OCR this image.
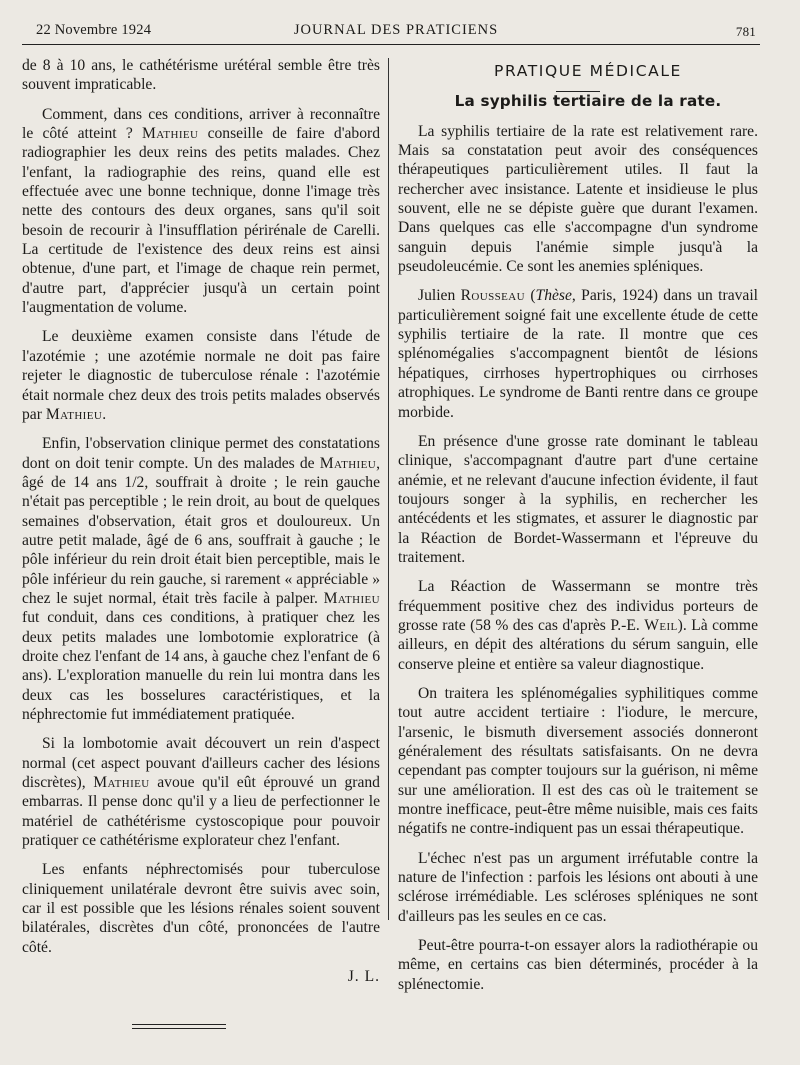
22 Novembre 1924	JOURNAL DES PRATICIENS	781

de 8 à 10 ans, le cathétérisme urétéral semble être très souvent impraticable.

Comment, dans ces conditions, arriver à reconnaître le côté atteint ? Mathieu conseille de faire d'abord radiographier les deux reins des petits malades. Chez l'enfant, la radiographie des reins, quand elle est effectuée avec une bonne technique, donne l'image très nette des contours des deux organes, sans qu'il soit besoin de recourir à l'insufflation périrénale de Carelli. La certitude de l'existence des deux reins est ainsi obtenue, d'une part, et l'image de chaque rein permet, d'autre part, d'apprécier jusqu'à un certain point l'augmentation de volume.

Le deuxième examen consiste dans l'étude de l'azotémie ; une azotémie normale ne doit pas faire rejeter le diagnostic de tuberculose rénale : l'azotémie était normale chez deux des trois petits malades observés par Mathieu.

Enfin, l'observation clinique permet des constatations dont on doit tenir compte. Un des malades de Mathieu, âgé de 14 ans 1/2, souffrait à droite ; le rein gauche n'était pas perceptible ; le rein droit, au bout de quelques semaines d'observation, était gros et douloureux. Un autre petit malade, âgé de 6 ans, souffrait à gauche ; le pôle inférieur du rein droit était bien perceptible, mais le pôle inférieur du rein gauche, si rarement « appréciable » chez le sujet normal, était très facile à palper. Mathieu fut conduit, dans ces conditions, à pratiquer chez les deux petits malades une lombotomie exploratrice (à droite chez l'enfant de 14 ans, à gauche chez l'enfant de 6 ans). L'exploration manuelle du rein lui montra dans les deux cas les bosselures caractéristiques, et la néphrectomie fut immédiatement pratiquée.

Si la lombotomie avait découvert un rein d'aspect normal (cet aspect pouvant d'ailleurs cacher des lésions discrètes), Mathieu avoue qu'il eût éprouvé un grand embarras. Il pense donc qu'il y a lieu de perfectionner le matériel de cathétérisme cystoscopique pour pouvoir pratiquer ce cathétérisme explorateur chez l'enfant.

Les enfants néphrectomisés pour tuberculose cliniquement unilatérale devront être suivis avec soin, car il est possible que les lésions rénales soient souvent bilatérales, discrètes d'un côté, prononcées de l'autre côté.

J. L.

PRATIQUE MÉDICALE

La syphilis tertiaire de la rate.

La syphilis tertiaire de la rate est relativement rare. Mais sa constatation peut avoir des conséquences thérapeutiques particulièrement utiles. Il faut la rechercher avec insistance. Latente et insidieuse le plus souvent, elle ne se dépiste guère que durant l'examen. Dans quelques cas elle s'accompagne d'un syndrome sanguin depuis l'anémie simple jusqu'à la pseudoleucémie. Ce sont les anemies spléniques.

Julien Rousseau (Thèse, Paris, 1924) dans un travail particulièrement soigné fait une excellente étude de cette syphilis tertiaire de la rate. Il montre que ces splénomégalies s'accompagnent bientôt de lésions hépatiques, cirrhoses hypertrophiques ou cirrhoses atrophiques. Le syndrome de Banti rentre dans ce groupe morbide.

En présence d'une grosse rate dominant le tableau clinique, s'accompagnant d'autre part d'une certaine anémie, et ne relevant d'aucune infection évidente, il faut toujours songer à la syphilis, en rechercher les antécédents et les stigmates, et assurer le diagnostic par la Réaction de Bordet-Wassermann et l'épreuve du traitement.

La Réaction de Wassermann se montre très fréquemment positive chez des individus porteurs de grosse rate (58 % des cas d'après P.-E. Weil). Là comme ailleurs, en dépit des altérations du sérum sanguin, elle conserve pleine et entière sa valeur diagnostique.

On traitera les splénomégalies syphilitiques comme tout autre accident tertiaire : l'iodure, le mercure, l'arsenic, le bismuth diversement associés donneront généralement des résultats satisfaisants. On ne devra cependant pas compter toujours sur la guérison, ni même sur une amélioration. Il est des cas où le traitement se montre inefficace, peut-être même nuisible, mais ces faits négatifs ne contre-indiquent pas un essai thérapeutique.

L'échec n'est pas un argument irréfutable contre la nature de l'infection : parfois les lésions ont abouti à une sclérose irrémédiable. Les scléroses spléniques ne sont d'ailleurs pas les seules en ce cas.

Peut-être pourra-t-on essayer alors la radiothérapie ou même, en certains cas bien déterminés, procéder à la splénectomie.
